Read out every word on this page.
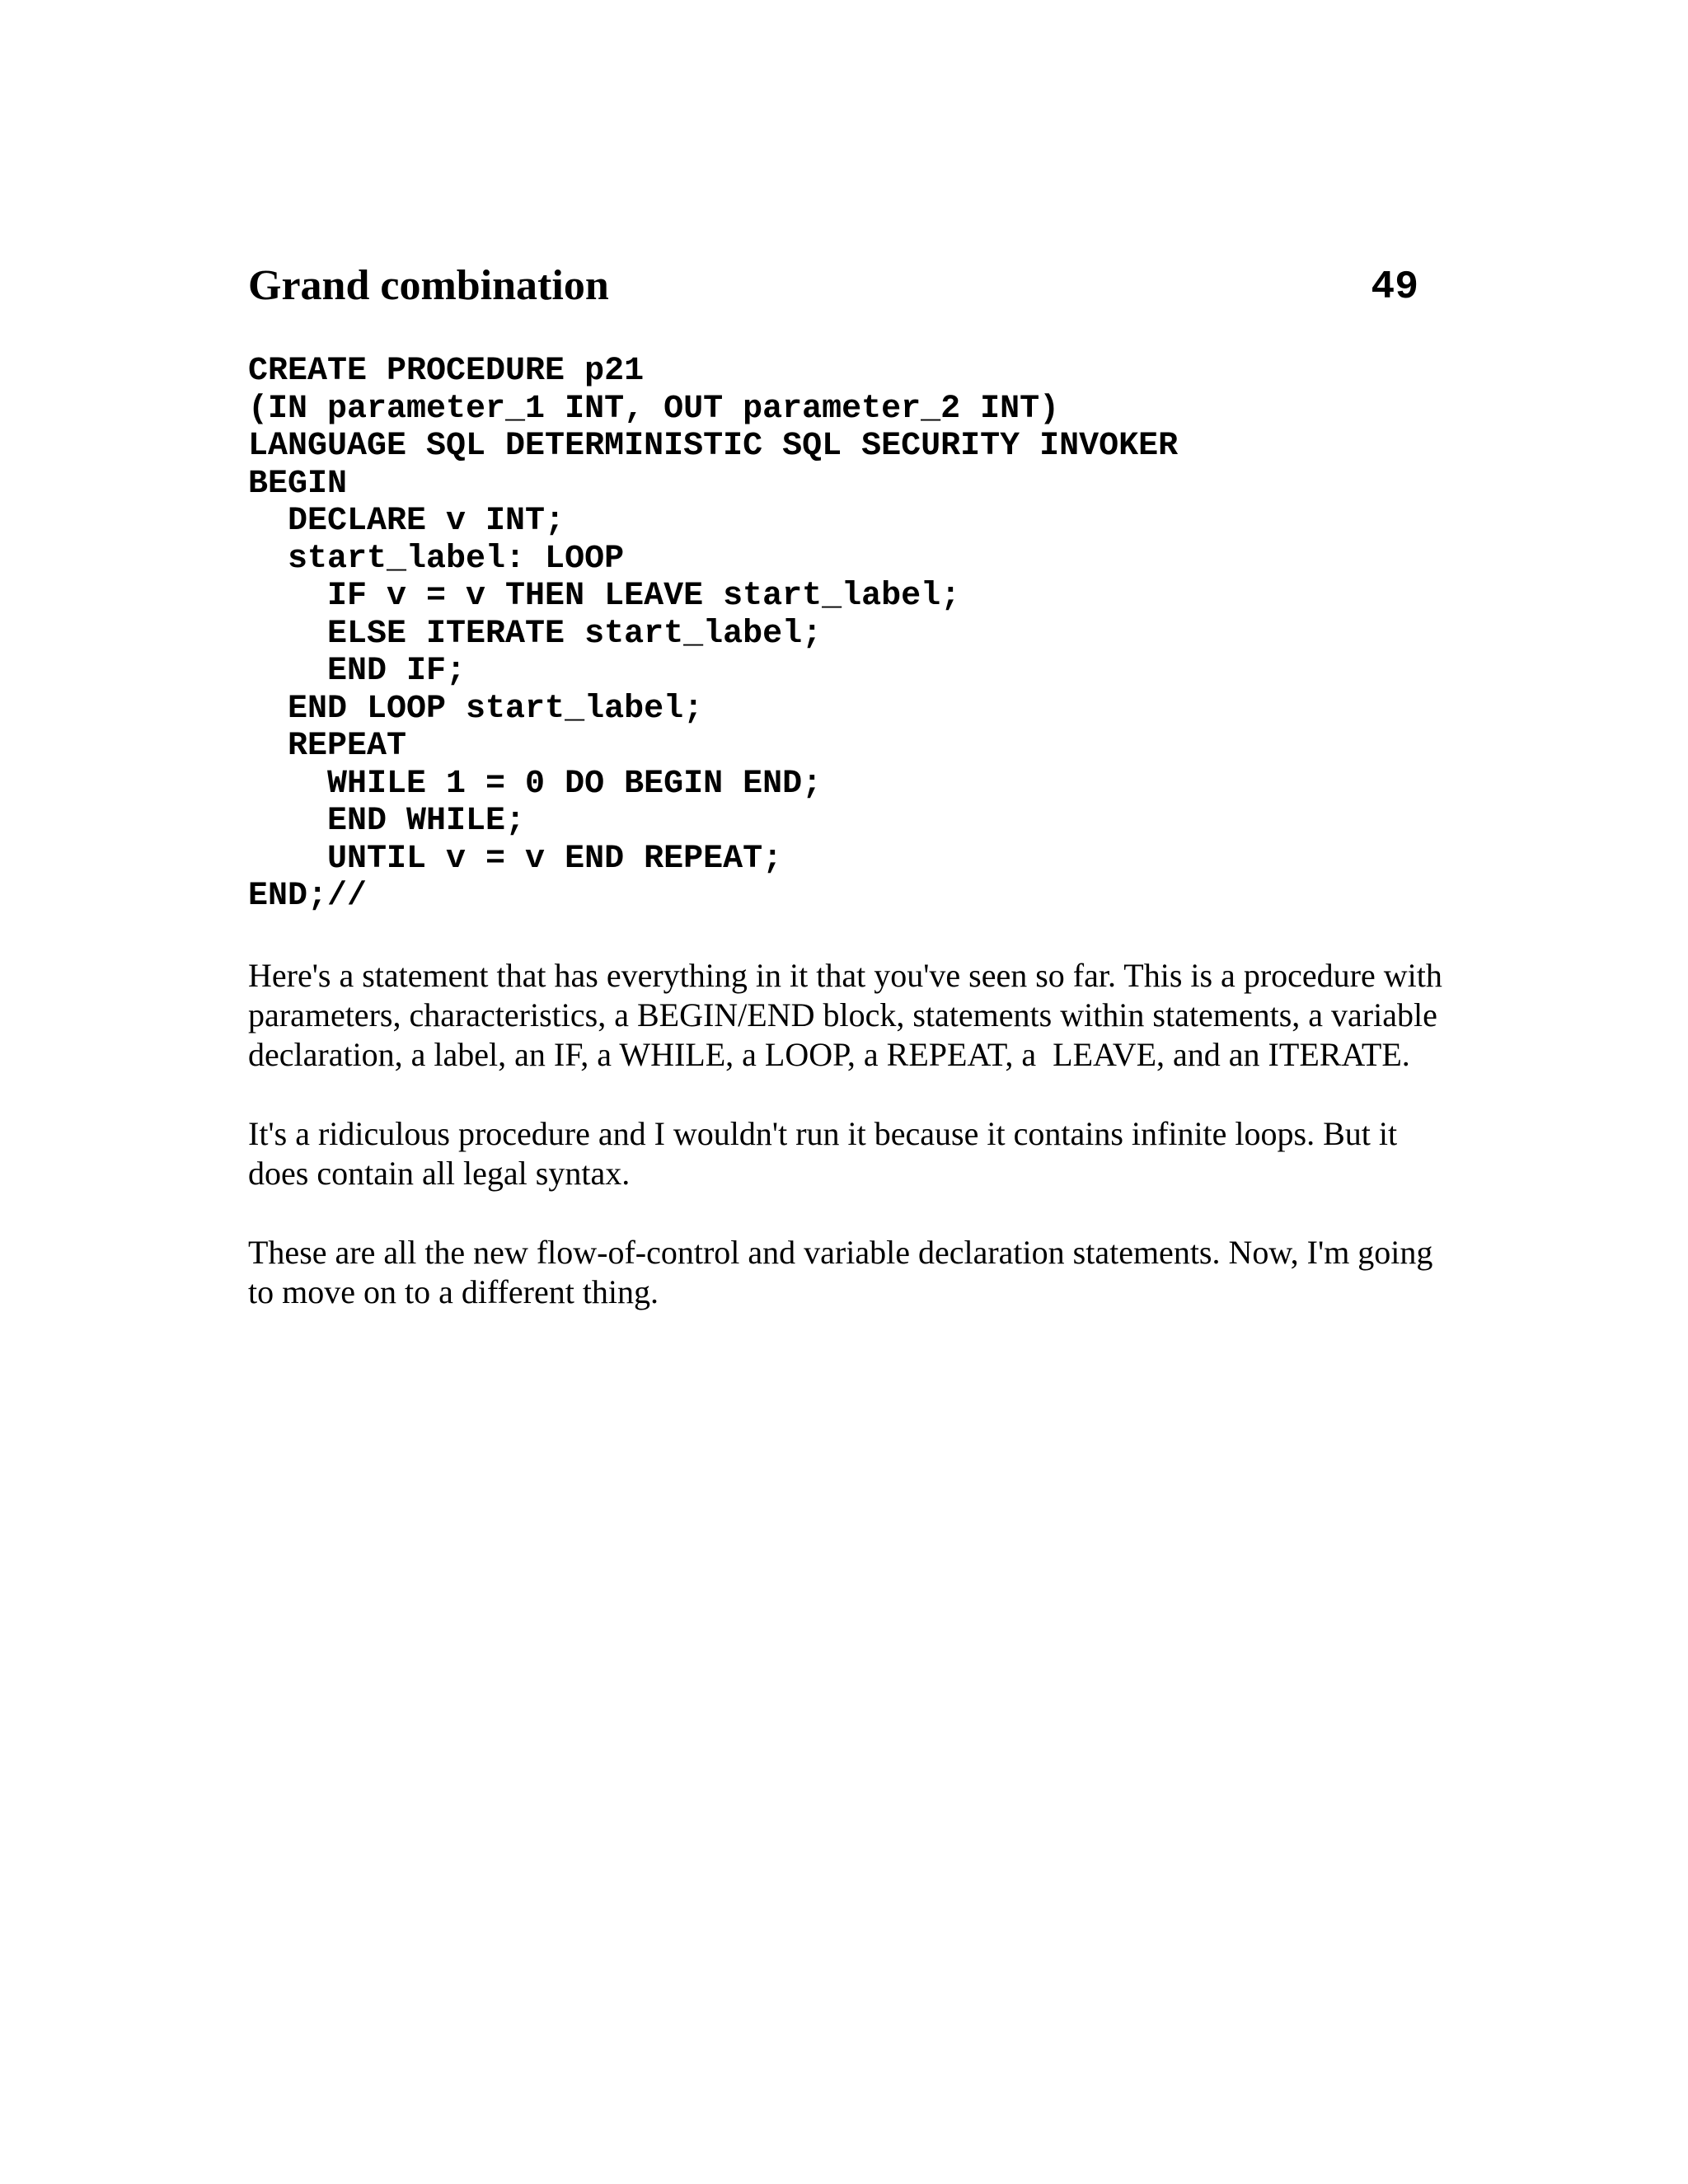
Grand combination	49
CREATE PROCEDURE p21
(IN parameter_1 INT, OUT parameter_2 INT)
LANGUAGE SQL DETERMINISTIC SQL SECURITY INVOKER
BEGIN
DECLARE v INT;
start_label: LOOP
IF v = v THEN LEAVE start_label;
ELSE ITERATE start_label;
END IF;
END LOOP start_label;
REPEAT
WHILE 1 = 0 DO BEGIN END;
END WHILE;
UNTIL v = v END REPEAT;
END;//

Here's a statement that has everything in it that you've seen so far. This is a procedure with parameters, characteristics, a BEGIN/END block, statements within statements, a variable declaration, a label, an IF, a WHILE, a LOOP, a REPEAT, a  LEAVE, and an ITERATE.

It's a ridiculous procedure and I wouldn't run it because it contains infinite loops. But it does contain all legal syntax.

These are all the new flow-of-control and variable declaration statements. Now, I'm going to move on to a different thing.
